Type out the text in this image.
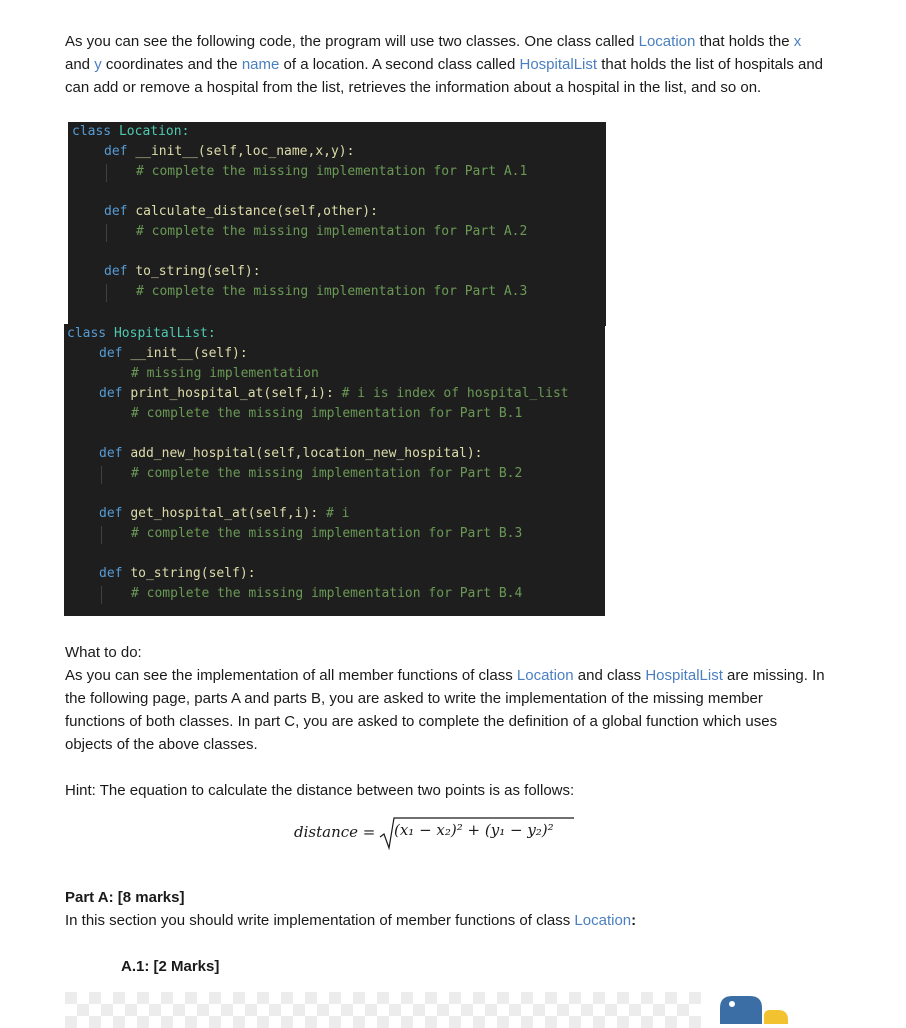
As you can see the following code, the program will use two classes. One class called Location that holds the x and y coordinates and the name of a location. A second class called HospitalList that holds the list of hospitals and can add or remove a hospital from the list, retrieves the information about a hospital in the list, and so on.

class Location:

def __init__(self,loc_name,x,y):

# complete the missing implementation for Part A.1

def calculate_distance(self,other):

# complete the missing implementation for Part A.2

def to_string(self):

# complete the missing implementation for Part A.3

class HospitalList:

def __init__(self):

# missing implementation

def print_hospital_at(self,i): # i is index of hospital_list

# complete the missing implementation for Part B.1

def add_new_hospital(self,location_new_hospital):

# complete the missing implementation for Part B.2

def get_hospital_at(self,i): # i

# complete the missing implementation for Part B.3

def to_string(self):

# complete the missing implementation for Part B.4

What to do:

As you can see the implementation of all member functions of class Location and class HospitalList are missing. In the following page, parts A and parts B, you are asked to write the implementation of the missing member functions of both classes. In part C, you are asked to complete the definition of a global function which uses objects of the above classes.

Hint: The equation to calculate the distance between two points is as follows:

distance = (x₁ − x₂)² + (y₁ − y₂)²

Part A: [8 marks]

In this section you should write implementation of member functions of class Location:

A.1: [2 Marks]
